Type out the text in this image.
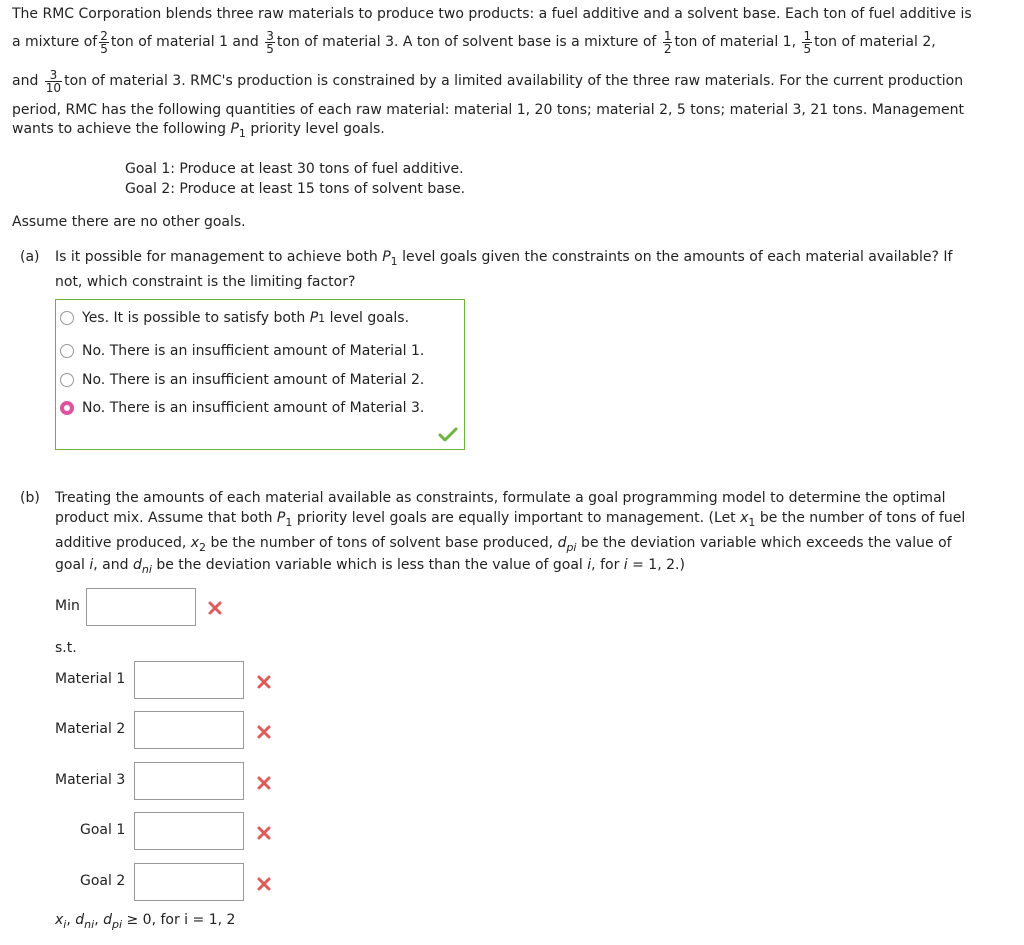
The RMC Corporation blends three raw materials to produce two products: a fuel additive and a solvent base. Each ton of fuel additive is
a mixture of $\frac{2}{5}$ ton of material 1 and
$\frac{3}{5}$ ton of material 3. A ton of solvent base is a mixture of
$\frac{1}{2}$ ton of material 1,
$\frac{1}{5}$ ton of material 2,
and
$\frac{3}{10}$ ton of material 3. RMC's production is constrained by a limited availability of the three raw materials. For the current production
period, RMC has the following quantities of each raw material: material 1, 20 tons; material 2, 5 tons; material 3, 21 tons. Management
wants to achieve the following $P_1$ priority level goals.
Goal 1: Produce at least 30 tons of fuel additive.
Goal 2: Produce at least 15 tons of solvent base.
Assume there are no other goals.
(a) Is it possible for management to achieve both $P_1$ level goals given the constraints on the amounts of each material available? If
not, which constraint is the limiting factor?
Yes. It is possible to satisfy both
P 1
level goals.
No. There is an insufficient amount of Material 1.
No. There is an insufficient amount of Material 2.
No. There is an insufficient amount of Material 3.
(b) Treating the amounts of each material available as constraints, formulate a goal programming model to determine the optimal
product mix. Assume that both $P_1$ priority level goals are equally important to management. (Let $x_1$ be the number of tons of fuel
additive produced, $x_2$ be the number of tons of solvent base produced, $d_{pi}$ be the deviation variable which exceeds the value of
goal i, and $d_{ni}$ be the deviation variable which is less than the value of goal i, for i = 1, 2.)
Min
s.t.
Material 1
Material 2
Material 3
Goal 1
Goal 2
$x_i$, $d_{ni}$, $d_{pi} \ge 0$, for i = 1, 2
